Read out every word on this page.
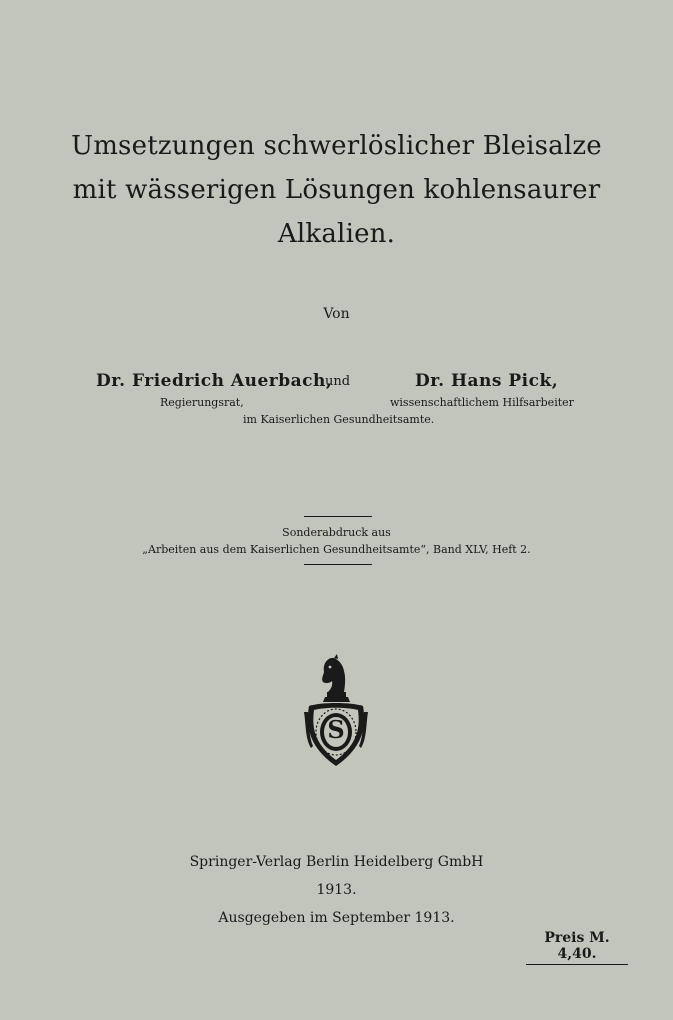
Umsetzungen schwerlöslicher Bleisalze
mit wässerigen Lösungen kohlensaurer
Alkalien.
Von
Dr. Friedrich Auerbach,
und	Dr. Hans Pick,
Regierungsrat,	wissenschaftlichem Hilfsarbeiter
im Kaiserlichen Gesundheitsamte.
Sonderabdruck aus
„Arbeiten aus dem Kaiserlichen Gesundheitsamte“, Band XLV, Heft 2.
S
Springer-Verlag Berlin Heidelberg GmbH
1913.
Ausgegeben im September 1913.
Preis M. 4,40.
